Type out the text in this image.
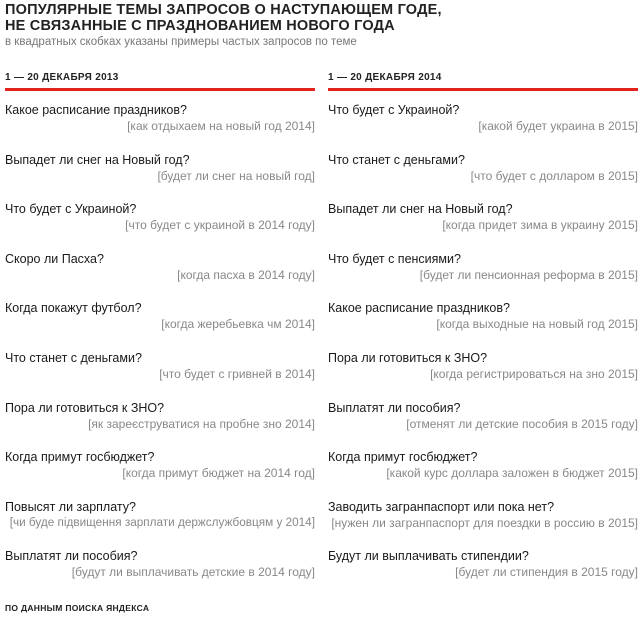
ПОПУЛЯРНЫЕ ТЕМЫ ЗАПРОСОВ О НАСТУПАЮЩЕМ ГОДЕ,
НЕ СВЯЗАННЫЕ С ПРАЗДНОВАНИЕМ НОВОГО ГОДА
в квадратных скобках указаны примеры частых запросов по теме
1 — 20 ДЕКАБРЯ 2013
Какое расписание праздников?
[как отдыхаем на новый год 2014]
Выпадет ли снег на Новый год?
[будет ли снег на новый год]
Что будет с Украиной?
[что будет с украиной в 2014 году]
Скоро ли Пасха?
[когда пасха в 2014 году]
Когда покажут футбол?
[когда жеребьевка чм 2014]
Что станет с деньгами?
[что будет с гривней в 2014]
Пора ли готовиться к ЗНО?
[як зареєструватися на пробне зно 2014]
Когда примут госбюджет?
[когда примут бюджет на 2014 год]
Повысят ли зарплату?
[чи буде підвищення зарплати держслужбовцям у 2014]
Выплатят ли пособия?
[будут ли выплачивать детские в 2014 году]
1 — 20 ДЕКАБРЯ 2014
Что будет с Украиной?
[какой будет украина в 2015]
Что станет с деньгами?
[что будет с долларом в 2015]
Выпадет ли снег на Новый год?
[когда придет зима в украину 2015]
Что будет с пенсиями?
[будет ли пенсионная реформа в 2015]
Какое расписание праздников?
[когда выходные на новый год 2015]
Пора ли готовиться к ЗНО?
[когда регистрироваться на зно 2015]
Выплатят ли пособия?
[отменят ли детские пособия в 2015 году]
Когда примут госбюджет?
[какой курс доллара заложен в бюджет 2015]
Заводить загранпаспорт или пока нет?
[нужен ли загранпаспорт для поездки в россию в 2015]
Будут ли выплачивать стипендии?
[будет ли стипендия в 2015 году]
ПО ДАННЫМ ПОИСКА ЯНДЕКСА
